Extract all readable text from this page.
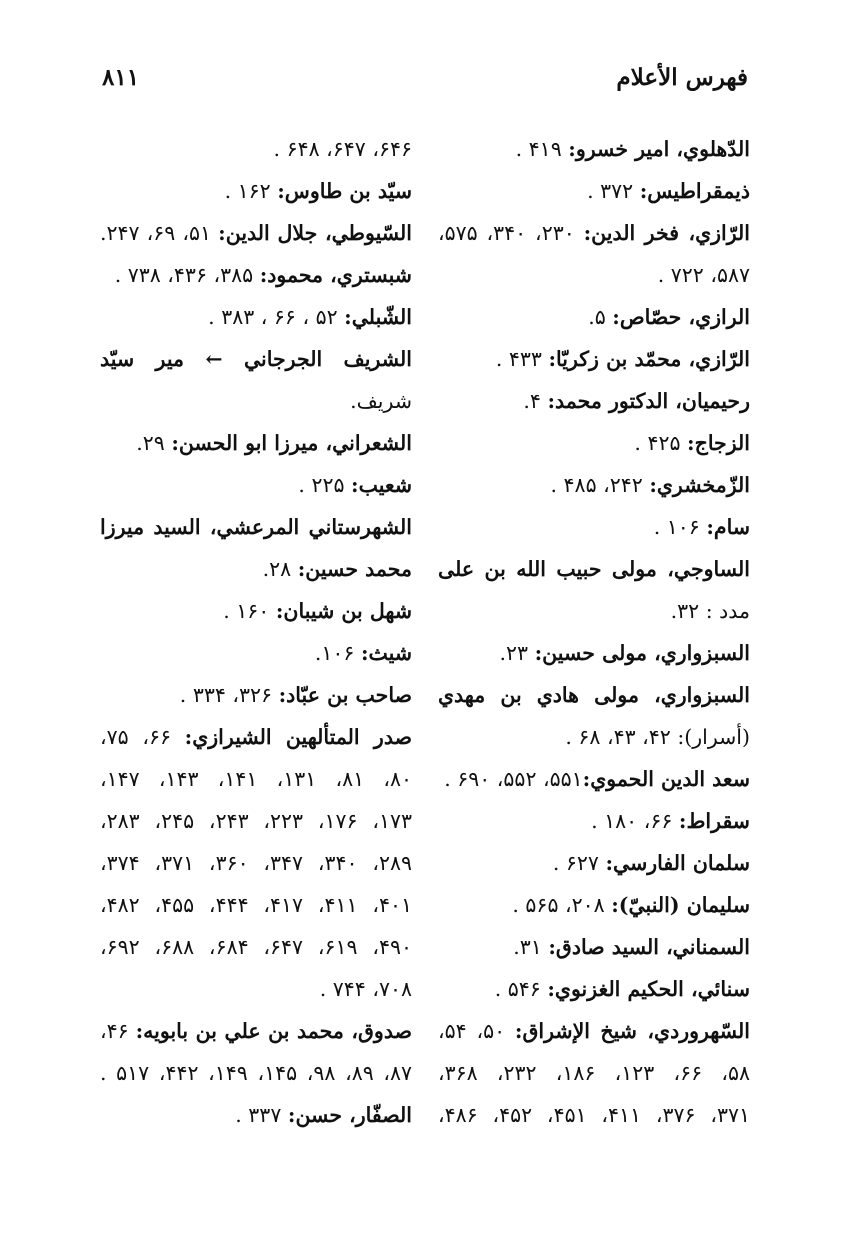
فهرس الأعلام
٨١١
الدّهلوي، امير خسرو: ۴۱۹ .
ذيمقراطيس: ۳۷۲ .
الرّازي، فخر الدين: ۲۳۰، ۳۴۰، ۵۷۵،
۵۸۷، ۷۲۲ .
الرازي، حصّاص: ۵.
الرّازي، محمّد بن زكريّا: ۴۳۳ .
رحيميان، الدكتور محمد: ۴.
الزجاج: ۴۲۵ .
الزّمخشري: ۲۴۲، ۴۸۵ .
سام: ۱۰۶ .
الساوجي، مولى حبيب الله بن على
مدد : ۳۲.
السبزواري، مولى حسين: ۲۳.
السبزواري، مولى هادي بن مهدي
(أسرار): ۴۲، ۴۳، ۶۸ .
سعد الدين الحموي:۵۵۱، ۵۵۲، ۶۹۰ .
سقراط: ۶۶، ۱۸۰ .
سلمان الفارسي: ۶۲۷ .
سليمان (النبيّ): ۲۰۸، ۵۶۵ .
السمناني، السيد صادق: ۳۱.
سنائي، الحكيم الغزنوي: ۵۴۶ .
السّهروردي، شيخ الإشراق: ۵۰، ۵۴،
۵۸، ۶۶، ۱۲۳، ۱۸۶، ۲۳۲، ۳۶۸،
۳۷۱، ۳۷۶، ۴۱۱، ۴۵۱، ۴۵۲، ۴۸۶،
۶۴۶، ۶۴۷، ۶۴۸ .
سيّد بن طاوس: ۱۶۲ .
السّيوطي، جلال الدين: ۵۱، ۶۹، ۲۴۷.
شبستري، محمود: ۳۸۵، ۴۳۶، ۷۳۸ .
الشّبلي: ۵۲ ، ۶۶ ، ۳۸۳ .
الشريف الجرجاني ← مير سيّد
شريف.
الشعراني، ميرزا ابو الحسن: ۲۹.
شعيب: ۲۲۵ .
الشهرستاني المرعشي، السيد ميرزا
محمد حسين: ۲۸.
شهل بن شيبان: ۱۶۰ .
شيث: ۱۰۶.
صاحب بن عبّاد: ۳۲۶، ۳۳۴ .
صدر المتألهين الشيرازي: ۶۶، ۷۵،
۸۰، ۸۱، ۱۳۱، ۱۴۱، ۱۴۳، ۱۴۷،
۱۷۳، ۱۷۶، ۲۲۳، ۲۴۳، ۲۴۵، ۲۸۳،
۲۸۹، ۳۴۰، ۳۴۷، ۳۶۰، ۳۷۱، ۳۷۴،
۴۰۱، ۴۱۱، ۴۱۷، ۴۴۴، ۴۵۵، ۴۸۲،
۴۹۰، ۶۱۹، ۶۴۷، ۶۸۴، ۶۸۸، ۶۹۲،
۷۰۸، ۷۴۴ .
صدوق، محمد بن علي بن بابويه: ۴۶،
۸۷، ۸۹، ۹۸، ۱۴۵، ۱۴۹، ۴۴۲، ۵۱۷ .
الصفّار، حسن: ۳۳۷ .
